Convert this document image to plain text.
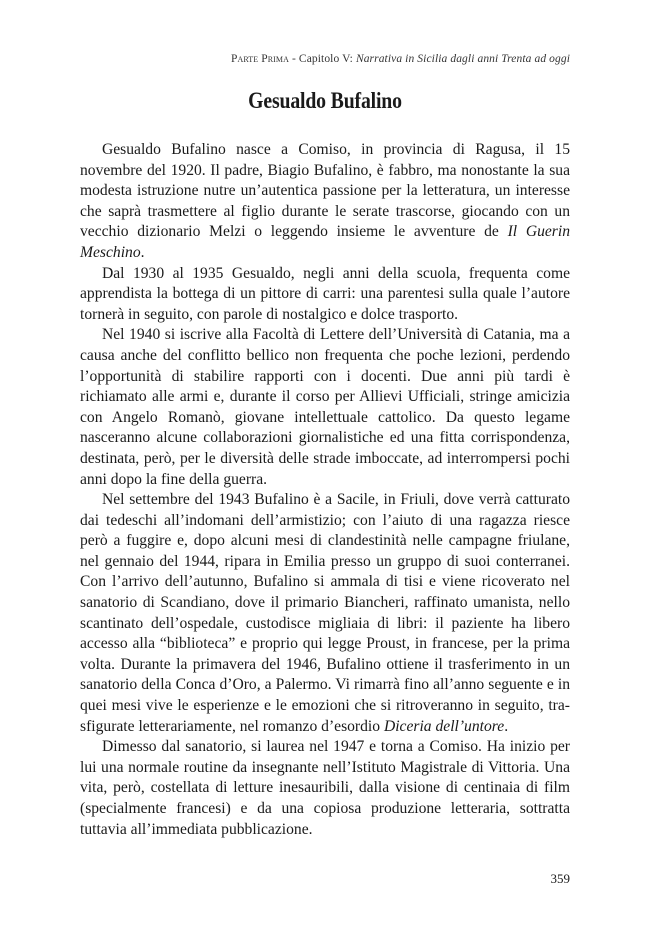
Parte Prima - Capitolo V: Narrativa in Sicilia dagli anni Trenta ad oggi
Gesualdo Bufalino

Gesualdo Bufalino nasce a Comiso, in provincia di Ragusa, il 15 novembre del 1920. Il padre, Biagio Bufalino, è fabbro, ma nonostante la sua modesta istruzione nutre un’autentica passione per la letteratura, un interesse che saprà trasmettere al figlio durante le serate trascorse, giocando con un vecchio dizionario Melzi o leggendo insieme le avventure de Il Guerin Meschino.

Dal 1930 al 1935 Gesualdo, negli anni della scuola, frequenta come apprendista la bottega di un pittore di carri: una parentesi sulla quale l’autore tornerà in seguito, con parole di nostalgico e dolce trasporto.

Nel 1940 si iscrive alla Facoltà di Lettere dell’Università di Catania, ma a causa anche del conflitto bellico non frequenta che poche lezioni, perdendo l’opportunità di stabilire rapporti con i docenti. Due anni più tardi è richiamato alle armi e, durante il corso per Allievi Ufficiali, stringe amicizia con Angelo Romanò, giovane intellettuale cattolico. Da questo legame nasceranno alcune collaborazioni giornalistiche ed una fitta corrispondenza, destinata, però, per le diversità delle strade imboccate, ad interrompersi pochi anni dopo la fine della guerra.

Nel settembre del 1943 Bufalino è a Sacile, in Friuli, dove verrà catturato dai tedeschi all’indomani dell’armistizio; con l’aiuto di una ragazza riesce però a fuggire e, dopo alcuni mesi di clandestinità nelle campagne friulane, nel gennaio del 1944, ripara in Emilia presso un gruppo di suoi conterranei. Con l’arrivo dell’autunno, Bufalino si ammala di tisi e viene ricoverato nel sanatorio di Scandiano, dove il primario Biancheri, raffinato umanista, nello scantinato dell’ospedale, custodisce migliaia di libri: il paziente ha libero accesso alla “biblioteca” e proprio qui legge Proust, in francese, per la prima volta. Durante la primavera del 1946, Bufalino ottiene il trasferimento in un sanatorio della Conca d’Oro, a Palermo. Vi rimarrà fino all’anno seguente e in quei mesi vive le esperienze e le emozioni che si ritroveranno in seguito, trasfigurate letterariamente, nel romanzo d’esordio Diceria dell’untore.

Dimesso dal sanatorio, si laurea nel 1947 e torna a Comiso. Ha inizio per lui una normale routine da insegnante nell’Istituto Magistrale di Vittoria. Una vita, però, costellata di letture inesauribili, dalla visione di centinaia di film (specialmente francesi) e da una copiosa produzione letteraria, sottratta tuttavia all’immediata pubblicazione.

359
